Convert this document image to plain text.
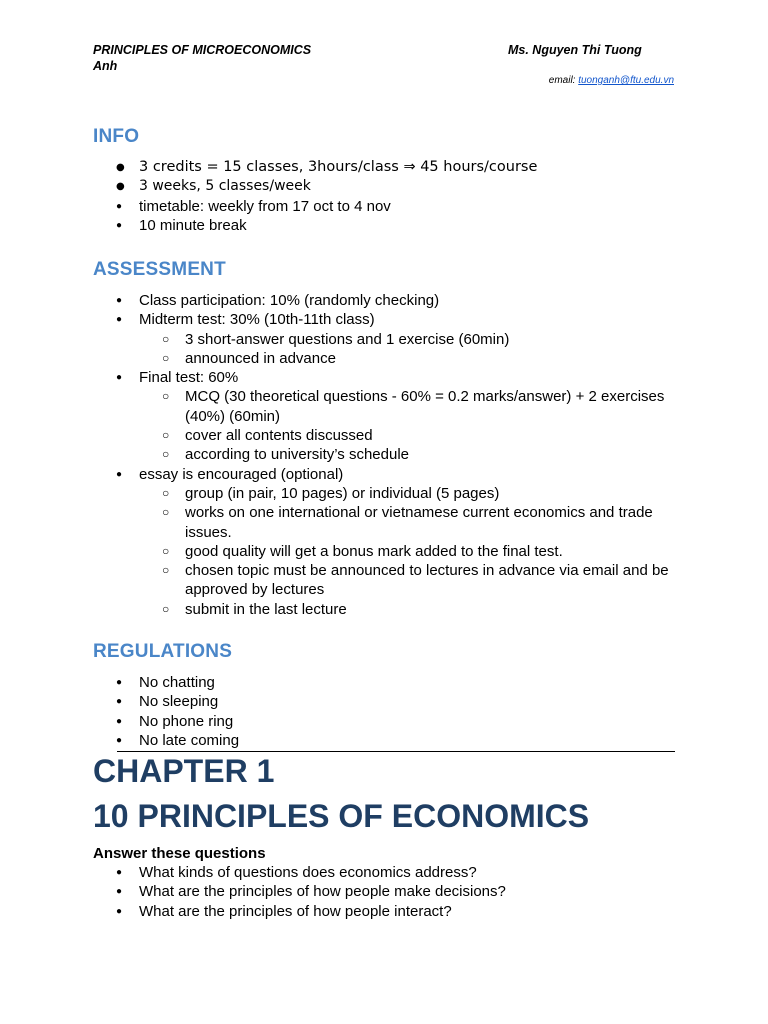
PRINCIPLES OF MICROECONOMICS	Ms. Nguyen Thi Tuong
Anh
email: tuonganh@ftu.edu.vn
INFO
● 3 credits = 15 classes, 3hours/class ⇒ 45 hours/course
● 3 weeks, 5 classes/week
● timetable: weekly from 17 oct to 4 nov
● 10 minute break
ASSESSMENT
● Class participation: 10% (randomly checking)
● Midterm test: 30% (10th-11th class)
○ 3 short-answer questions and 1 exercise (60min)
○ announced in advance
● Final test: 60%
○ MCQ (30 theoretical questions - 60% = 0.2 marks/answer) + 2 exercises (40%) (60min)
○ cover all contents discussed
○ according to university’s schedule
● essay is encouraged (optional)
○ group (in pair, 10 pages) or individual (5 pages)
○ works on one international or vietnamese current economics and trade issues.
○ good quality will get a bonus mark added to the final test.
○ chosen topic must be announced to lectures in advance via email and be approved by lectures
○ submit in the last lecture
REGULATIONS
● No chatting
● No sleeping
● No phone ring
● No late coming
CHAPTER 1
10 PRINCIPLES OF ECONOMICS
Answer these questions
● What kinds of questions does economics address?
● What are the principles of how people make decisions?
● What are the principles of how people interact?
